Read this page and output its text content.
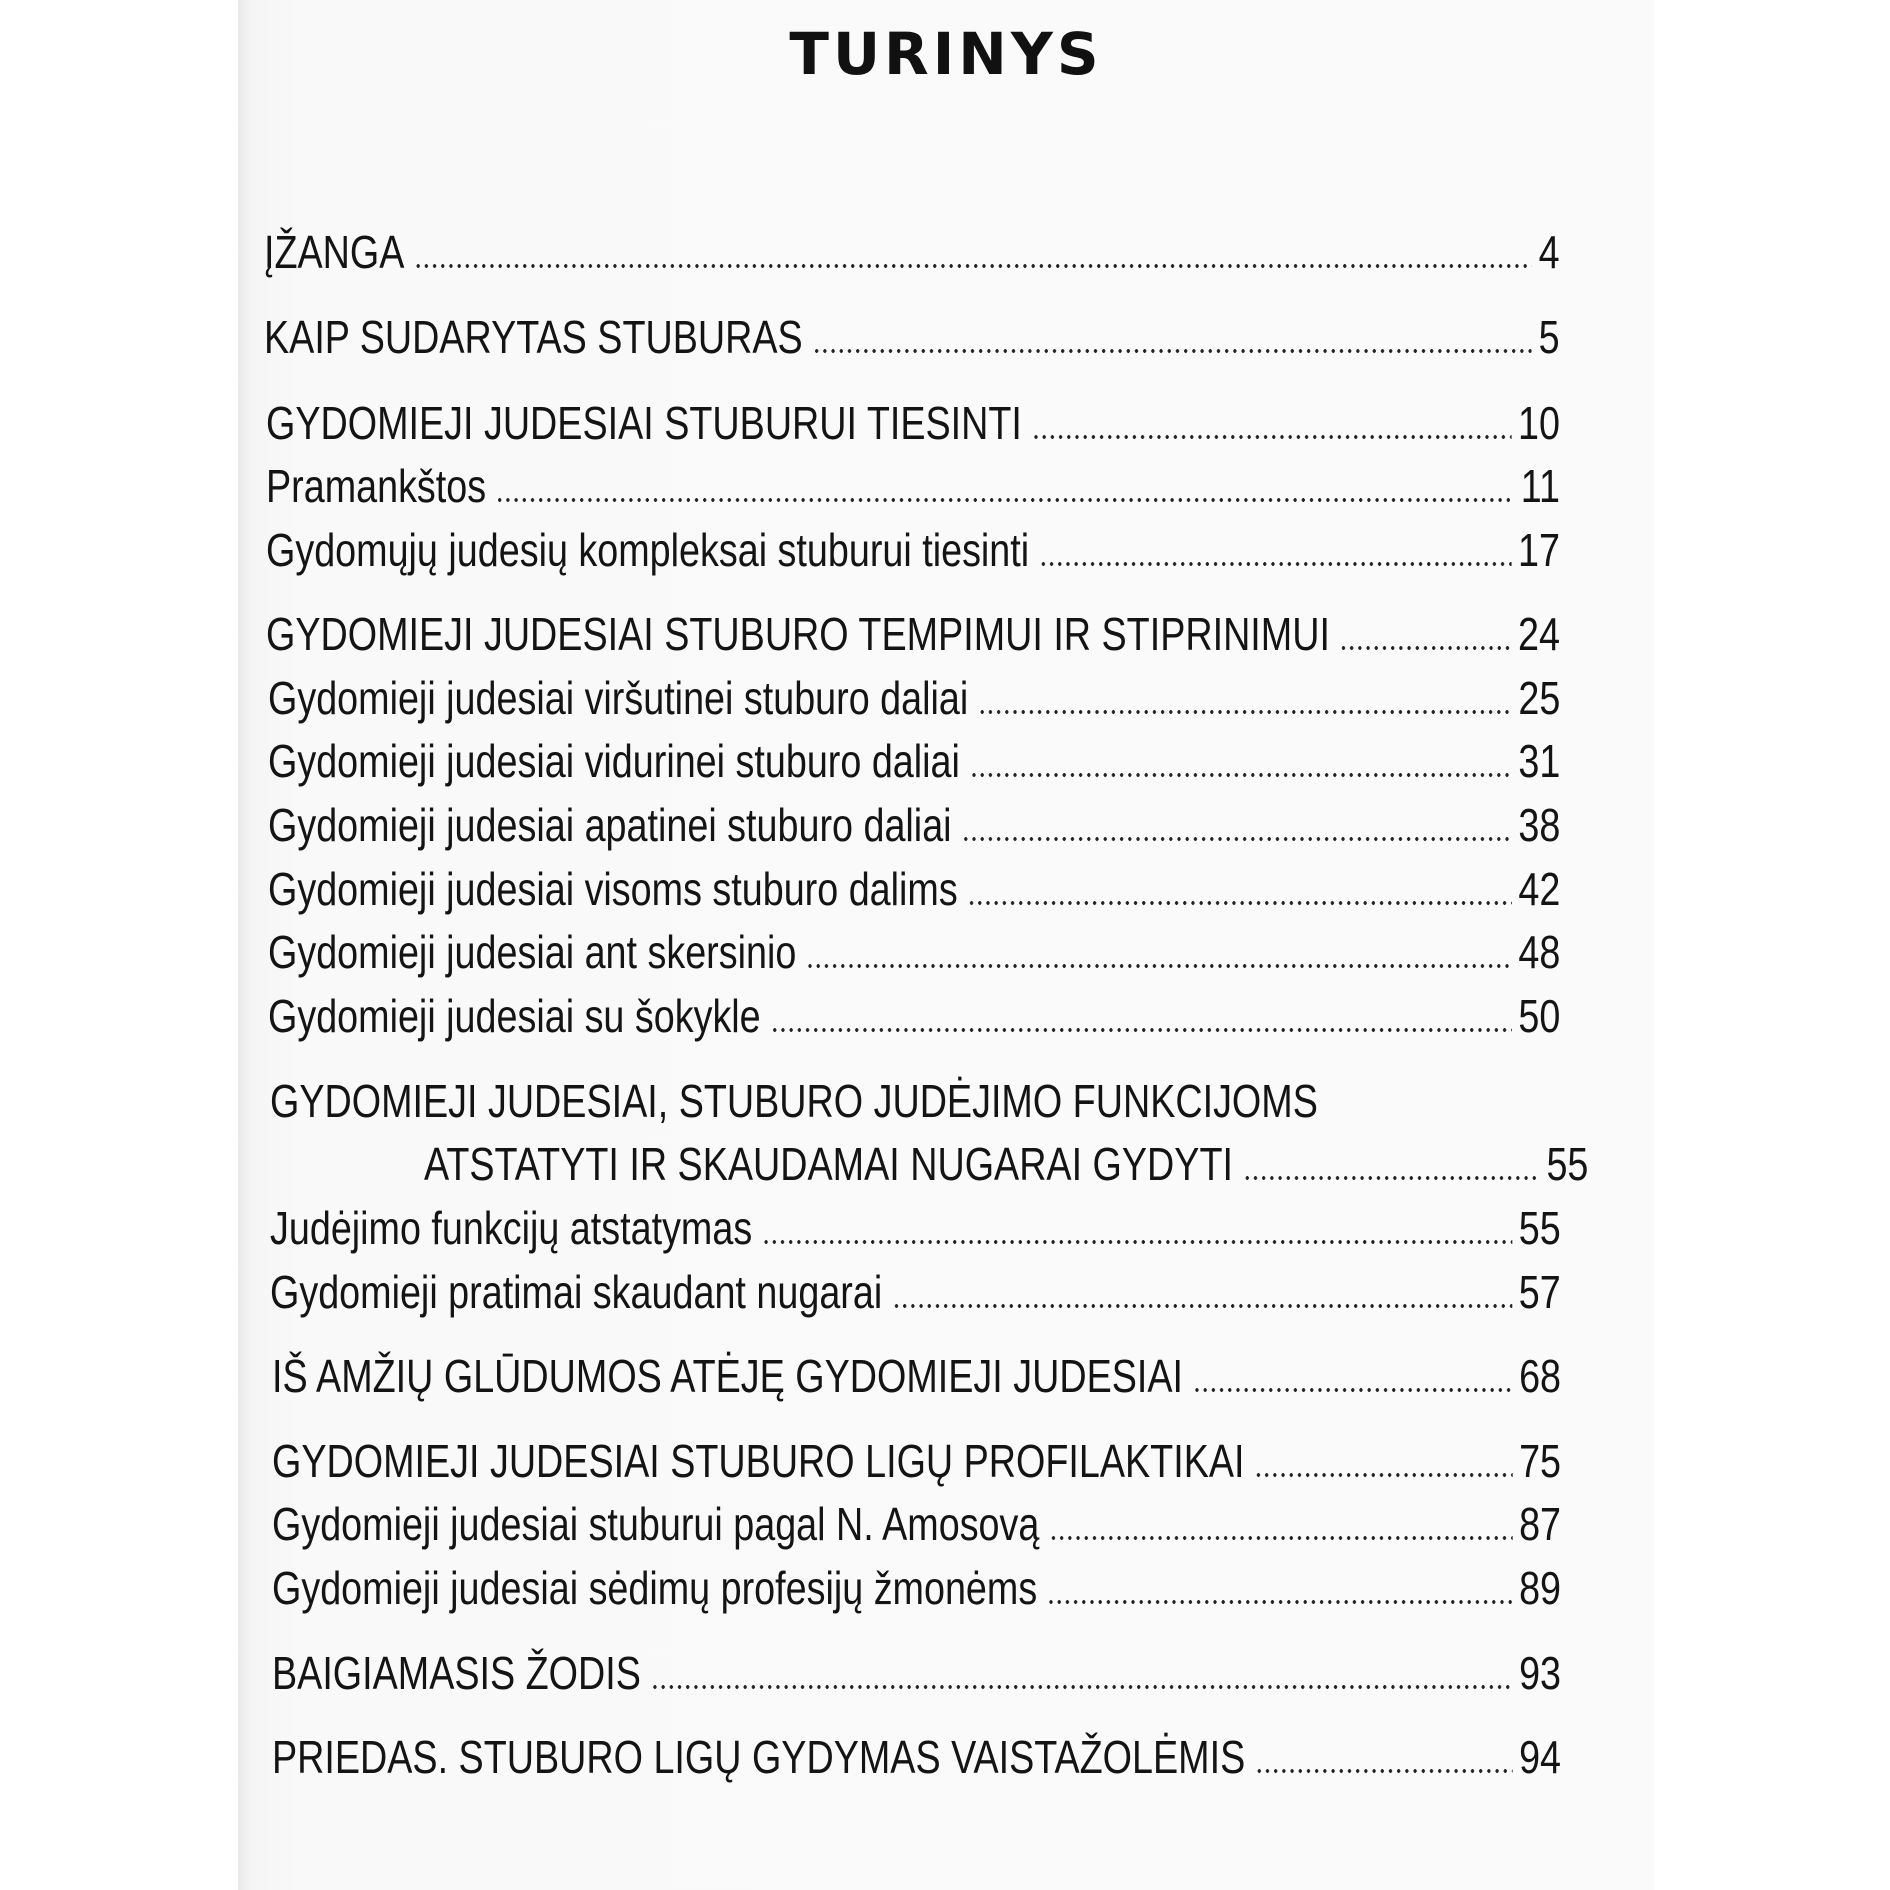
TURINYS
ĮŽANGA	4
KAIP SUDARYTAS STUBURAS	5
GYDOMIEJI JUDESIAI STUBURUI TIESINTI	10
Pramankštos	11
Gydomųjų judesių kompleksai stuburui tiesinti	17
GYDOMIEJI JUDESIAI STUBURO TEMPIMUI IR STIPRINIMUI	24
Gydomieji judesiai viršutinei stuburo daliai	25
Gydomieji judesiai vidurinei stuburo daliai	31
Gydomieji judesiai apatinei stuburo daliai	38
Gydomieji judesiai visoms stuburo dalims	42
Gydomieji judesiai ant skersinio	48
Gydomieji judesiai su šokykle	50
GYDOMIEJI JUDESIAI, STUBURO JUDĖJIMO FUNKCIJOMS
ATSTATYTI IR SKAUDAMAI NUGARAI GYDYTI	55
Judėjimo funkcijų atstatymas	55
Gydomieji pratimai skaudant nugarai	57
IŠ AMŽIŲ GLŪDUMOS ATĖJĘ GYDOMIEJI JUDESIAI	68
GYDOMIEJI JUDESIAI STUBURO LIGŲ PROFILAKTIKAI	75
Gydomieji judesiai stuburui pagal N. Amosovą	87
Gydomieji judesiai sėdimų profesijų žmonėms	89
BAIGIAMASIS ŽODIS	93
PRIEDAS. STUBURO LIGŲ GYDYMAS VAISTAŽOLĖMIS	94
